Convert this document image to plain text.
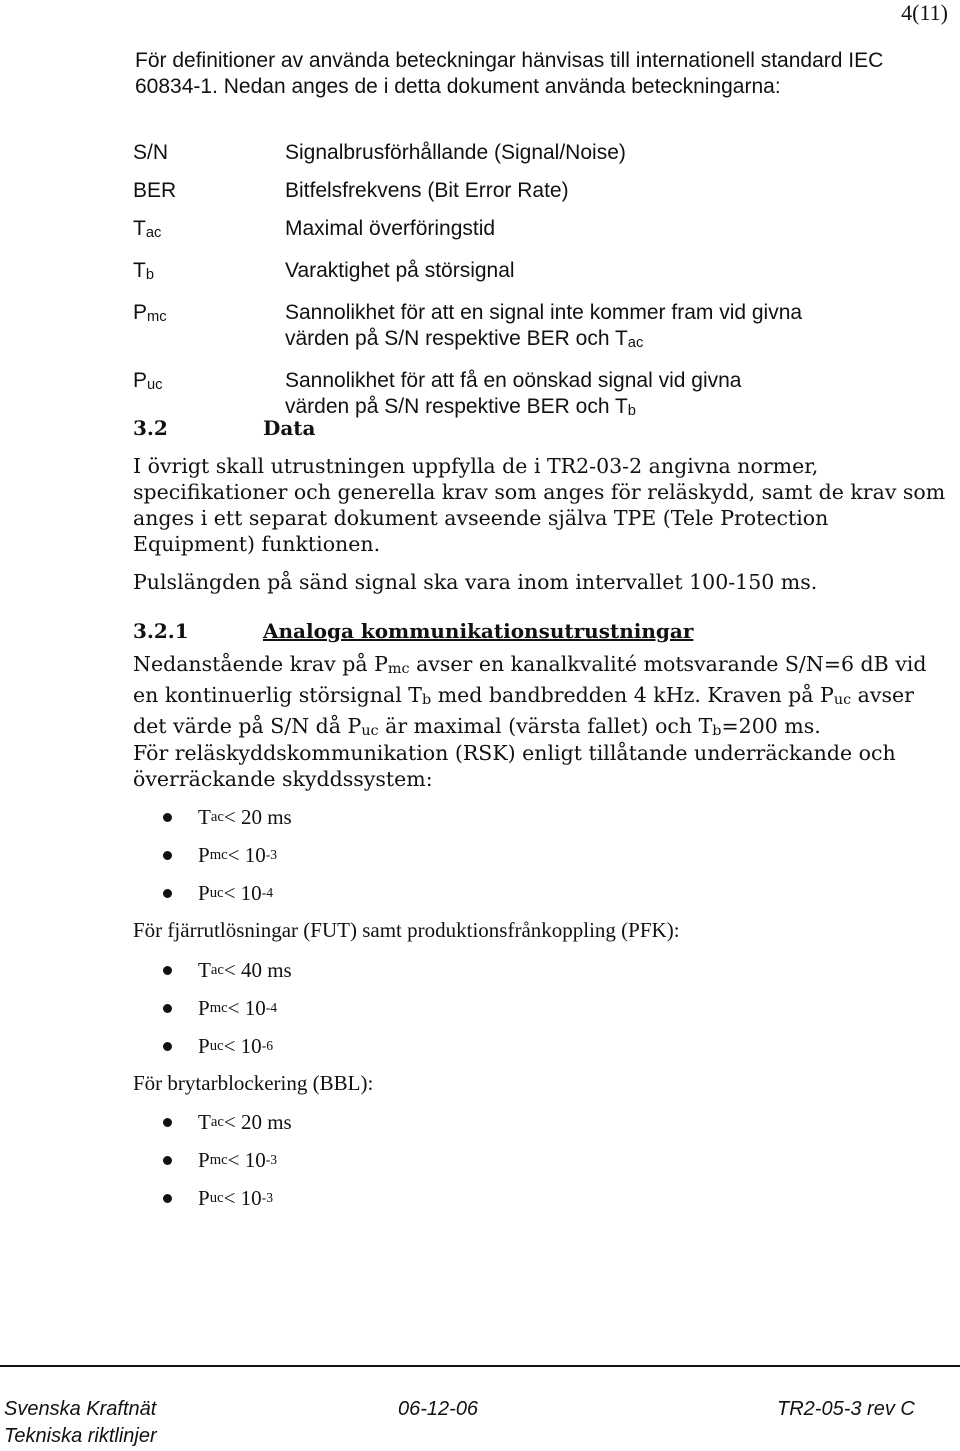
4(11)
För definitioner av använda beteckningar hänvisas till internationell standard IEC 60834-1. Nedan anges de i detta dokument använda beteckningarna:
S/N	Signalbrusförhållande (Signal/Noise)
BER	Bitfelsfrekvens (Bit Error Rate)
$T_{ac}$	Maximal överföringstid
$T_b$	Varaktighet på störsignal
$P_{mc}$	Sannolikhet för att en signal inte kommer fram vid givna
värden på S/N respektive BER och $T_{ac}$
$P_{uc}$	Sannolikhet för att få en oönskad signal vid givna
värden på S/N respektive BER och $T_b$
3.2	Data
I övrigt skall utrustningen uppfylla de i TR2-03-2 angivna normer, specifikationer och generella krav som anges för reläskydd, samt de krav som anges i ett separat dokument avseende själva TPE (Tele Protection Equipment) funktionen.
Pulslängden på sänd signal ska vara inom intervallet 100-150 ms.
3.2.1	Analoga kommunikationsutrustningar
Nedanstående krav på $P_{mc}$ avser en kanalkvalité motsvarande S/N=6 dB vid
en kontinuerlig störsignal $T_b$ med bandbredden 4 kHz. Kraven på $P_{uc}$ avser
det värde på S/N då $P_{uc}$ är maximal (värsta fallet) och $T_b=200$ ms.
För reläskyddskommunikation (RSK) enligt tillåtande underräckande och överräckande skyddssystem:
T ac < 20 ms
P mc < 10 -3
P uc < 10 -4
För fjärrutlösningar (FUT) samt produktionsfrånkoppling (PFK):
T ac < 40 ms
P mc < 10 -4
P uc < 10 -6
För brytarblockering (BBL):
T ac < 20 ms
P mc < 10 -3
P uc < 10 -3
Svenska Kraftnät
Tekniska riktlinjer
06-12-06	TR2-05-3 rev C
